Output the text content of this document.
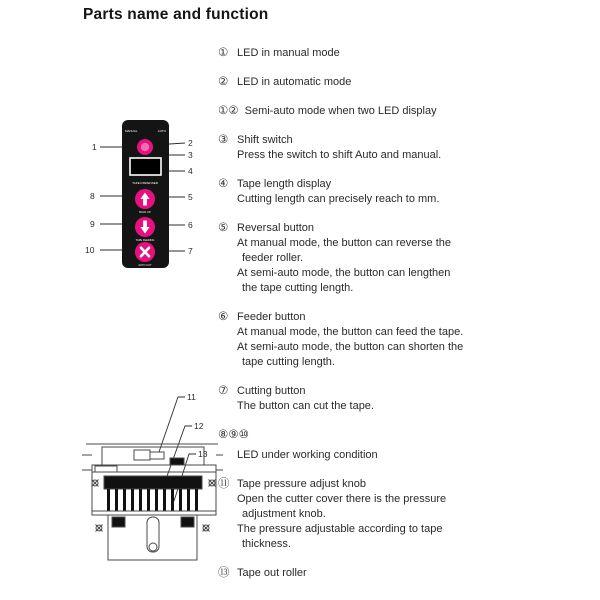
Parts name and function
① LED in manual mode
② LED in automatic mode
①② Semi-auto mode when two LED display
③ Shift switch
Press the switch to shift Auto and manual.
④ Tape length display
Cutting length can precisely reach to mm.
⑤ Reversal button
At manual mode, the button can reverse the
feeder roller.
At semi-auto mode, the button can lengthen
the tape cutting length.
⑥ Feeder button
At manual mode, the button can feed the tape.
At semi-auto mode, the button can shorten the
tape cutting length.
⑦ Cutting button
The button can cut the tape.
⑧⑨⑩
LED under working condition
⑪ Tape pressure adjust knob
Open the cutter cover there is the pressure
adjustment knob.
The pressure adjustable according to tape
thickness.
⑬ Tape out roller
1	2
3
4
5
6
7
8
9
10
MANUAL	AUTO
TAPE DISPENSER
BACK UP
TAPE FEEDING
AUTO CUT
11
12
13
